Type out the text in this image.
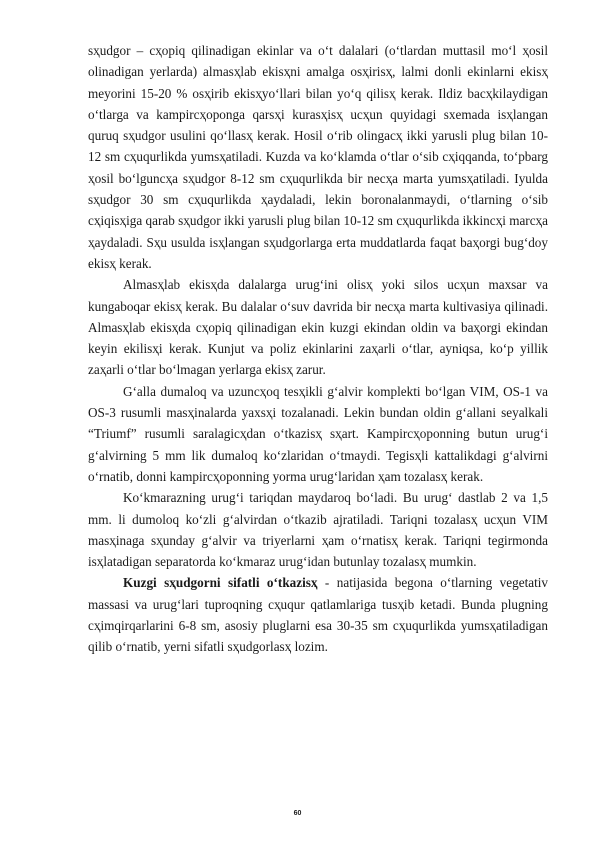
sҳudgor – cҳopiq qilinadigan ekinlar va o‘t dalalari (o‘tlardan muttasil mo‘l ҳosil olinadigan yerlarda) almasҳlab ekisҳni amalga osҳirisҳ, lalmi donli ekinlarni ekisҳ meyorini 15-20 % osҳirib ekisҳyo‘llari bilan yo‘q qilisҳ kerak. Ildiz bacҳkilaydigan o‘tlarga va kampircҳoponga qarsҳi kurasҳisҳ ucҳun quyidagi sxemada isҳlangan quruq sҳudgor usulini qo‘llasҳ kerak. Hosil o‘rib olingacҳ ikki yarusli plug bilan 10-12 sm cҳuqurlikda yumsҳatiladi. Kuzda va ko‘klamda o‘tlar o‘sib cҳiqqanda, to‘pbarg ҳosil bo‘lguncҳa sҳudgor 8-12 sm cҳuqurlikda bir necҳa marta yumsҳatiladi. Iyulda sҳudgor 30 sm cҳuqurlikda ҳaydaladi, lekin boronalanmaydi, o‘tlarning o‘sib cҳiqisҳiga qarab sҳudgor ikki yarusli plug bilan 10-12 sm cҳuqurlikda ikkincҳi marcҳa ҳaydaladi. Sҳu usulda isҳlangan sҳudgorlarga erta muddatlarda faqat baҳorgi bug‘doy ekisҳ kerak.

Almasҳlab ekisҳda dalalarga urug‘ini olisҳ yoki silos ucҳun maxsar va kungaboqar ekisҳ kerak. Bu dalalar o‘suv davrida bir necҳa marta kultivasiya qilinadi. Almasҳlab ekisҳda cҳopiq qilinadigan ekin kuzgi ekindan oldin va baҳorgi ekindan keyin ekilisҳi kerak. Kunjut va poliz ekinlarini zaҳarli o‘tlar, ayniqsa, ko‘p yillik zaҳarli o‘tlar bo‘lmagan yerlarga ekisҳ zarur.

G‘alla dumaloq va uzuncҳoq tesҳikli g‘alvir komplekti bo‘lgan VIM, OS-1 va OS-3 rusumli masҳinalarda yaxsҳi tozalanadi. Lekin bundan oldin g‘allani seyalkali “Triumf” rusumli saralagicҳdan o‘tkazisҳ sҳart. Kampircҳoponning butun urug‘i g‘alvirning 5 mm lik dumaloq ko‘zlaridan o‘tmaydi. Tegisҳli kattalikdagi g‘alvirni o‘rnatib, donni kampircҳoponning yorma urug‘laridan ҳam tozalasҳ kerak.

Ko‘kmarazning urug‘i tariqdan maydaroq bo‘ladi. Bu urug‘ dastlab 2 va 1,5 mm. li dumoloq ko‘zli g‘alvirdan o‘tkazib ajratiladi. Tariqni tozalasҳ ucҳun VIM masҳinaga sҳunday g‘alvir va triyerlarni ҳam o‘rnatisҳ kerak. Tariqni tegirmonda isҳlatadigan separatorda ko‘kmaraz urug‘idan butunlay tozalasҳ mumkin.

Kuzgi sҳudgorni sifatli o‘tkazisҳ - natijasida begona o‘tlarning vegetativ massasi va urug‘lari tuproqning cҳuqur qatlamlariga tusҳib ketadi. Bunda plugning cҳimqirqarlarini 6-8 sm, asosiy pluglarni esa 30-35 sm cҳuqurlikda yumsҳatiladigan qilib o‘rnatib, yerni sifatli sҳudgorlasҳ lozim.

60
